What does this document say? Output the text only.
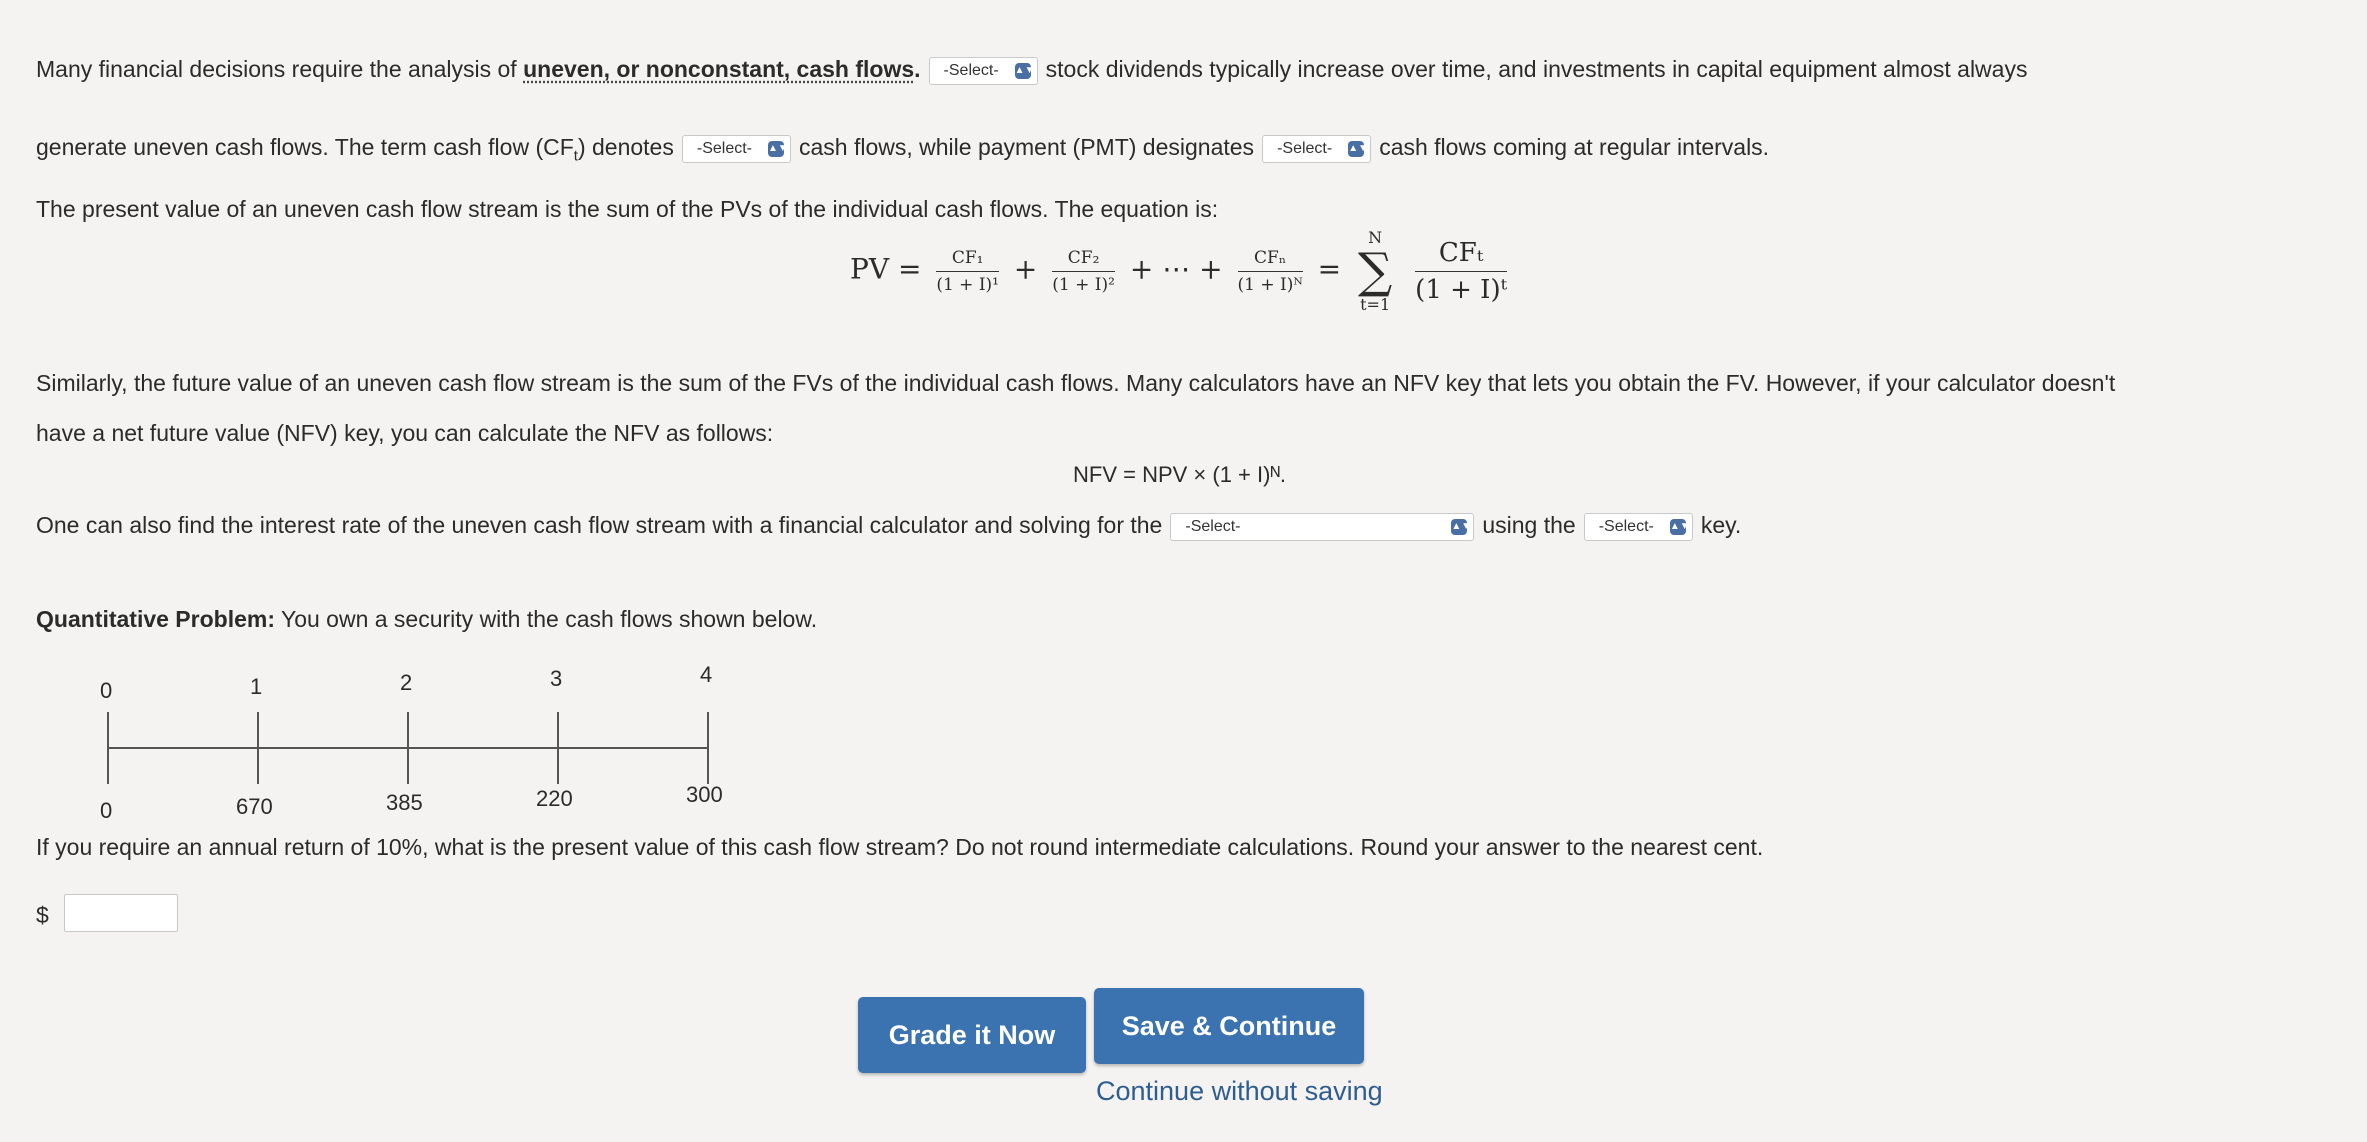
Many financial decisions require the analysis of uneven, or nonconstant, cash flows. -Select- ▲▼ stock dividends typically increase over time, and investments in capital equipment almost always
generate uneven cash flows. The term cash flow $(CF_t)$ denotes -Select- ▲▼ cash flows, while payment (PMT) designates -Select- ▲▼ cash flows coming at regular intervals.
The present value of an uneven cash flow stream is the sum of the PVs of the individual cash flows. The equation is:
PV = $\frac{\text{CF₁}}{\text{(1 + I)¹}} + \frac{\text{CF₂}}{\text{(1 + I)²}}$ + ⋯ + $\frac{\text{CFₙ}}{\text{(1 + I)ᴺ}}$ =
N
∑
t=1
$\frac{\text{CFₜ}}{\text{(1 + I)ᵗ}}$
Similarly, the future value of an uneven cash flow stream is the sum of the FVs of the individual cash flows. Many calculators have an NFV key that lets you obtain the FV. However, if your calculator doesn't
have a net future value (NFV) key, you can calculate the NFV as follows:
NFV = NPV × (1 + I)ᴺ.
One can also find the interest rate of the uneven cash flow stream with a financial calculator and solving for the -Select-	▲▼ using the -Select- ▲▼ key.
Quantitative Problem: You own a security with the cash flows shown below.
0	1	2	3	4
0	670	385	220	300
If you require an annual return of 10%, what is the present value of this cash flow stream? Do not round intermediate calculations. Round your answer to the nearest cent.
$
Grade it Now	Save & Continue
Continue without saving
